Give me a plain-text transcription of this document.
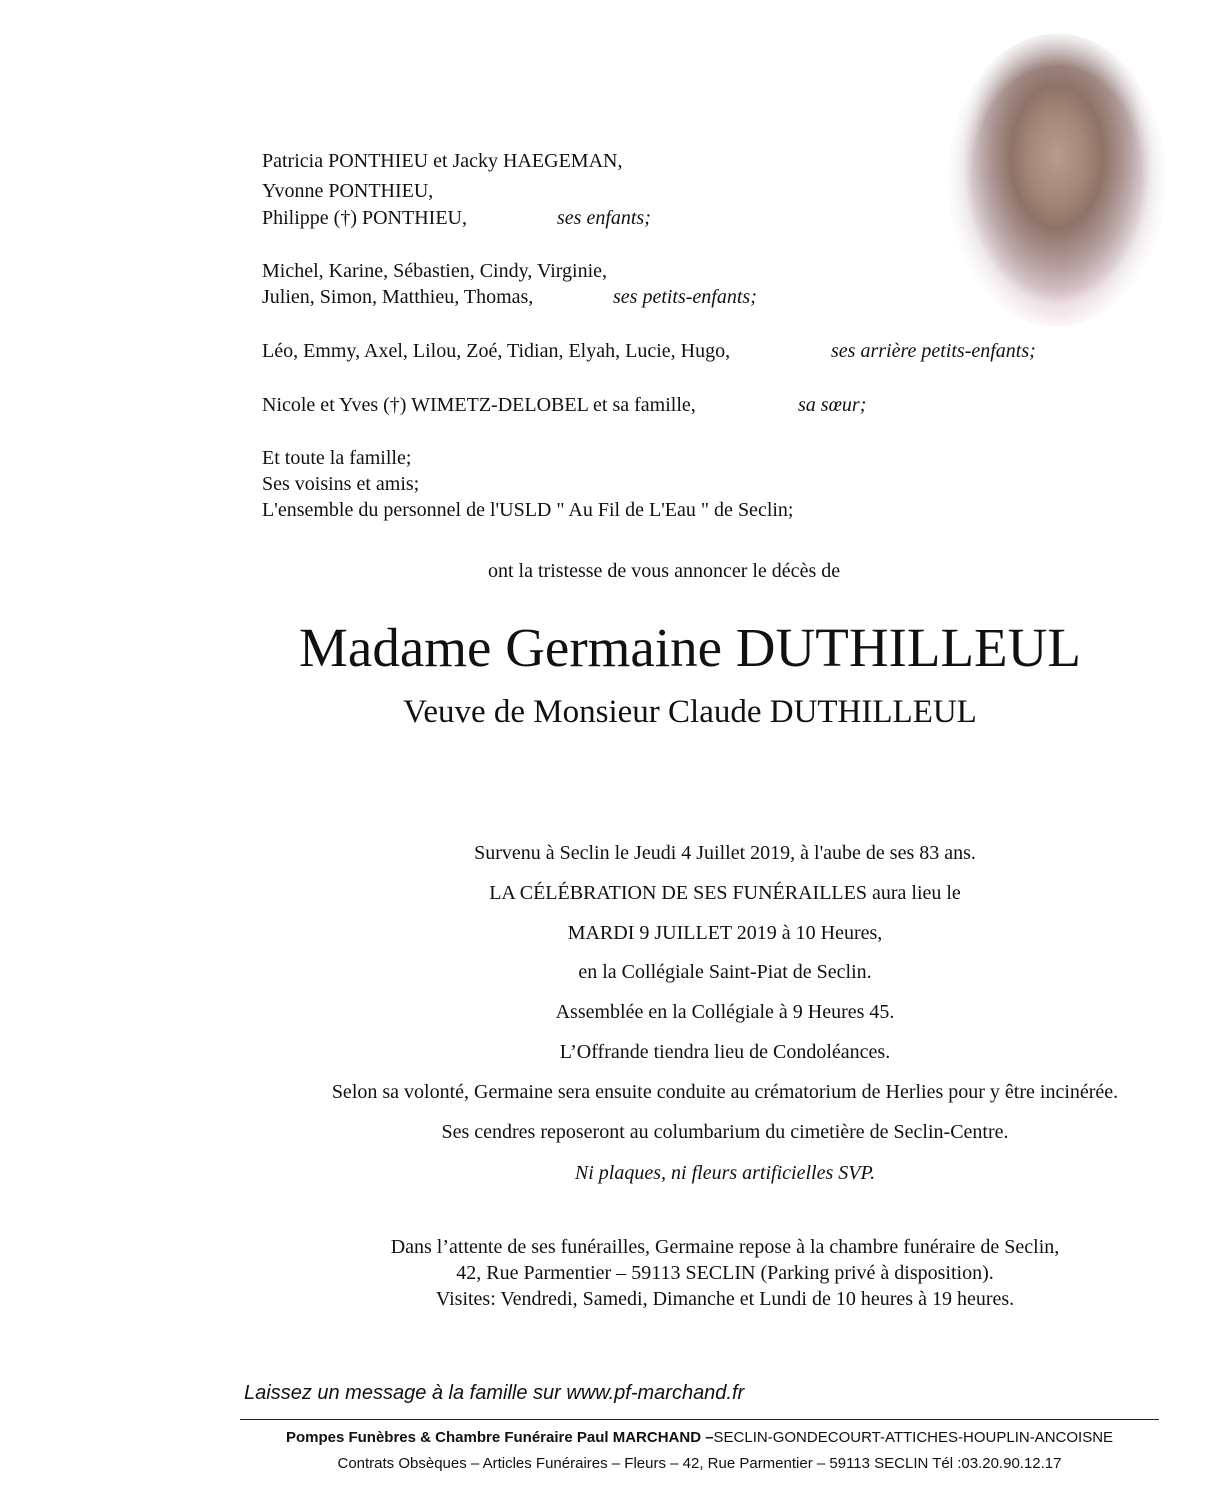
Patricia PONTHIEU et Jacky HAEGEMAN,
Yvonne PONTHIEU,
Philippe (†) PONTHIEU,	ses enfants;
Michel, Karine, Sébastien, Cindy, Virginie,
Julien, Simon, Matthieu, Thomas,	ses petits-enfants;
Léo, Emmy, Axel, Lilou, Zoé, Tidian, Elyah, Lucie, Hugo,	ses arrière petits-enfants;
Nicole et Yves (†) WIMETZ-DELOBEL et sa famille,	sa sœur;
Et toute la famille;
Ses voisins et amis;
L'ensemble du personnel de l'USLD " Au Fil de L'Eau " de Seclin;
ont la tristesse de vous annoncer le décès de
Madame Germaine DUTHILLEUL
Veuve de Monsieur Claude DUTHILLEUL
Survenu à Seclin le Jeudi 4 Juillet 2019, à l'aube de ses 83 ans.
LA CÉLÉBRATION DE SES FUNÉRAILLES aura lieu le
MARDI 9 JUILLET 2019 à 10 Heures,
en la Collégiale Saint-Piat de Seclin.
Assemblée en la Collégiale à 9 Heures 45.
L’Offrande tiendra lieu de Condoléances.
Selon sa volonté, Germaine sera ensuite conduite au crématorium de Herlies pour y être incinérée.
Ses cendres reposeront au columbarium du cimetière de Seclin-Centre.
Ni plaques, ni fleurs artificielles SVP.
Dans l’attente de ses funérailles, Germaine repose à la chambre funéraire de Seclin,
42, Rue Parmentier – 59113 SECLIN (Parking privé à disposition).
Visites: Vendredi, Samedi, Dimanche et Lundi de 10 heures à 19 heures.
Laissez un message à la famille sur www.pf-marchand.fr
Pompes Funèbres & Chambre Funéraire Paul MARCHAND –SECLIN-GONDECOURT-ATTICHES-HOUPLIN-ANCOISNE
Contrats Obsèques – Articles Funéraires – Fleurs – 42, Rue Parmentier – 59113 SECLIN Tél :03.20.90.12.17
